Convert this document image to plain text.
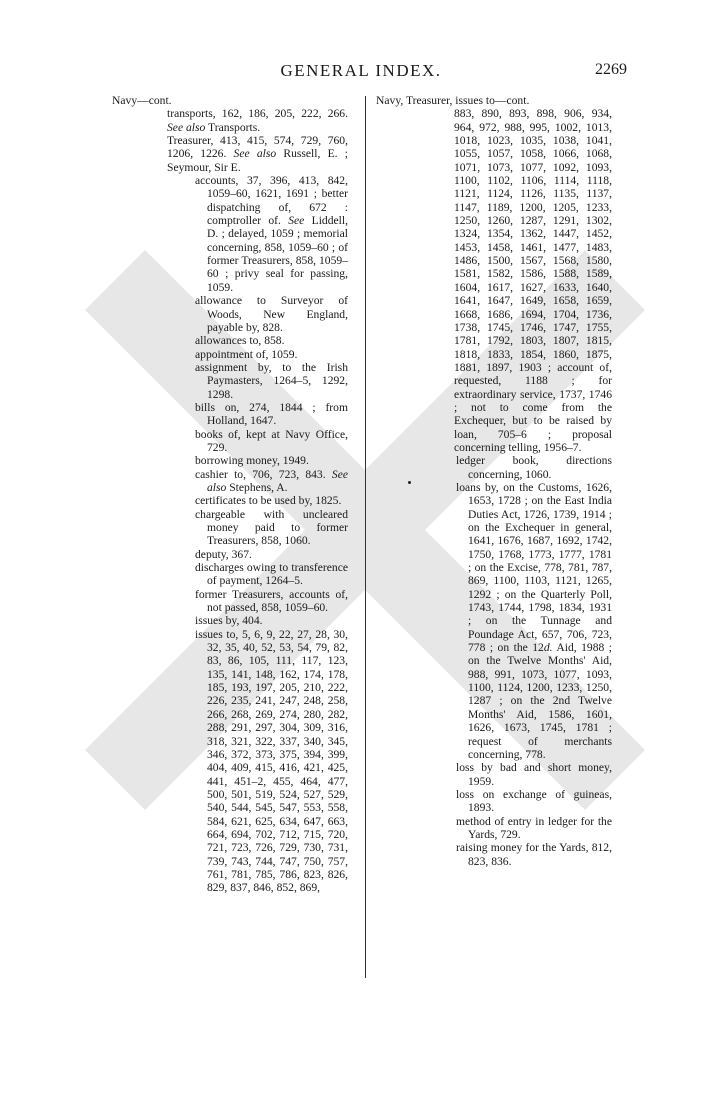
GENERAL INDEX.	2269

Navy—cont.

transports, 162, 186, 205, 222, 266. See also Transports.

Treasurer, 413, 415, 574, 729, 760, 1206, 1226. See also Russell, E. ; Seymour, Sir E.

accounts, 37, 396, 413, 842, 1059–60, 1621, 1691 ; better dispatching of, 672 : comptroller of. See Liddell, D. ; delayed, 1059 ; memorial concerning, 858, 1059–60 ; of former Treasurers, 858, 1059–60 ; privy seal for passing, 1059.

allowance to Surveyor of Woods, New England, payable by, 828.

allowances to, 858.

appointment of, 1059.

assignment by, to the Irish Paymasters, 1264–5, 1292, 1298.

bills on, 274, 1844 ; from Holland, 1647.

books of, kept at Navy Office, 729.

borrowing money, 1949.

cashier to, 706, 723, 843. See also Stephens, A.

certificates to be used by, 1825.

chargeable with uncleared money paid to former Treasurers, 858, 1060.

deputy, 367.

discharges owing to transference of payment, 1264–5.

former Treasurers, accounts of, not passed, 858, 1059–60.

issues by, 404.

issues to, 5, 6, 9, 22, 27, 28, 30, 32, 35, 40, 52, 53, 54, 79, 82, 83, 86, 105, 111, 117, 123, 135, 141, 148, 162, 174, 178, 185, 193, 197, 205, 210, 222, 226, 235, 241, 247, 248, 258, 266, 268, 269, 274, 280, 282, 288, 291, 297, 304, 309, 316, 318, 321, 322, 337, 340, 345, 346, 372, 373, 375, 394, 399, 404, 409, 415, 416, 421, 425, 441, 451–2, 455, 464, 477, 500, 501, 519, 524, 527, 529, 540, 544, 545, 547, 553, 558, 584, 621, 625, 634, 647, 663, 664, 694, 702, 712, 715, 720, 721, 723, 726, 729, 730, 731, 739, 743, 744, 747, 750, 757, 761, 781, 785, 786, 823, 826, 829, 837, 846, 852, 869,

Navy, Treasurer, issues to—cont.

883, 890, 893, 898, 906, 934, 964, 972, 988, 995, 1002, 1013, 1018, 1023, 1035, 1038, 1041, 1055, 1057, 1058, 1066, 1068, 1071, 1073, 1077, 1092, 1093, 1100, 1102, 1106, 1114, 1118, 1121, 1124, 1126, 1135, 1137, 1147, 1189, 1200, 1205, 1233, 1250, 1260, 1287, 1291, 1302, 1324, 1354, 1362, 1447, 1452, 1453, 1458, 1461, 1477, 1483, 1486, 1500, 1567, 1568, 1580, 1581, 1582, 1586, 1588, 1589, 1604, 1617, 1627, 1633, 1640, 1641, 1647, 1649, 1658, 1659, 1668, 1686, 1694, 1704, 1736, 1738, 1745, 1746, 1747, 1755, 1781, 1792, 1803, 1807, 1815, 1818, 1833, 1854, 1860, 1875, 1881, 1897, 1903 ; account of, requested, 1188 ; for extraordinary service, 1737, 1746 ; not to come from the Exchequer, but to be raised by loan, 705–6 ; proposal concerning telling, 1956–7.

ledger book, directions concerning, 1060.

loans by, on the Customs, 1626, 1653, 1728 ; on the East India Duties Act, 1726, 1739, 1914 ; on the Exchequer in general, 1641, 1676, 1687, 1692, 1742, 1750, 1768, 1773, 1777, 1781 ; on the Excise, 778, 781, 787, 869, 1100, 1103, 1121, 1265, 1292 ; on the Quarterly Poll, 1743, 1744, 1798, 1834, 1931 ; on the Tunnage and Poundage Act, 657, 706, 723, 778 ; on the 12d. Aid, 1988 ; on the Twelve Months' Aid, 988, 991, 1073, 1077, 1093, 1100, 1124, 1200, 1233, 1250, 1287 ; on the 2nd Twelve Months' Aid, 1586, 1601, 1626, 1673, 1745, 1781 ; request of merchants concerning, 778.

loss by bad and short money, 1959.

loss on exchange of guineas, 1893.

method of entry in ledger for the Yards, 729.

raising money for the Yards, 812, 823, 836.
